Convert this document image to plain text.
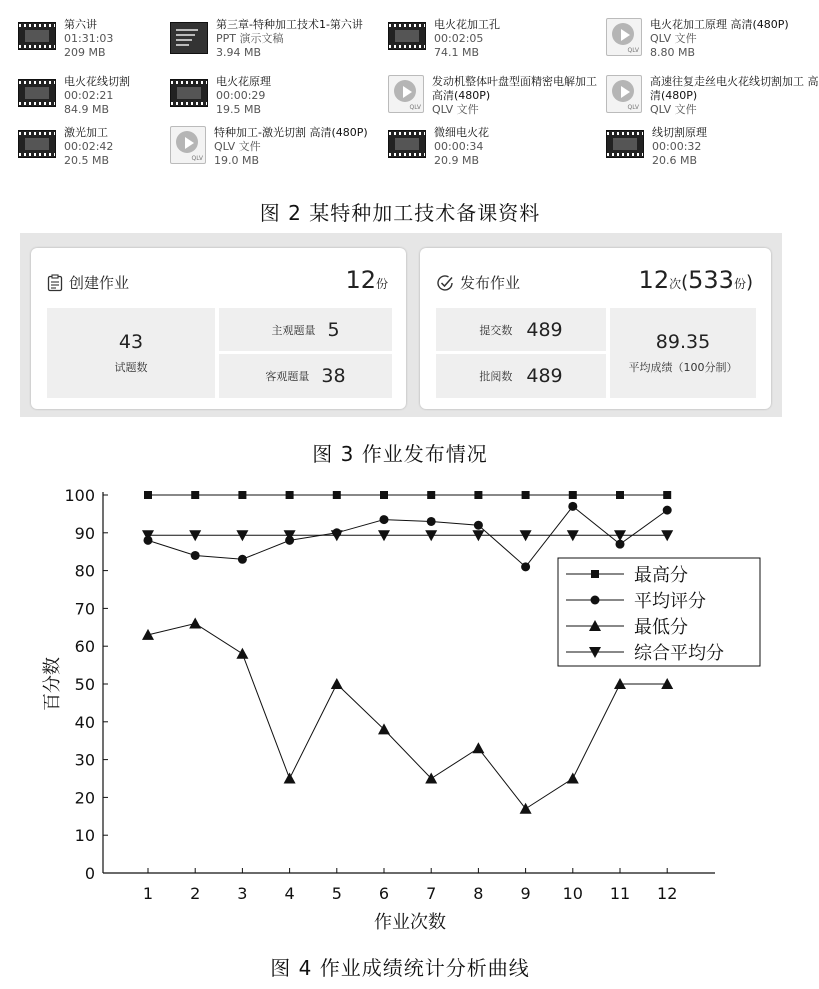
第六讲
01:31:03
209 MB
第三章-特种加工技术1-第六讲
PPT 演示文稿
3.94 MB
电火花加工孔
00:02:05
74.1 MB	QLV
电火花加工原理 高清(480P)
QLV 文件
8.80 MB
电火花线切割
00:02:21
84.9 MB
电火花原理
00:00:29
19.5 MB	QLV
发动机整体叶盘型面精密电解加工
高清(480P)
QLV 文件	QLV
高速往复走丝电火花线切割加工 高
清(480P)
QLV 文件
激光加工
00:02:42
20.5 MB	QLV
特种加工-激光切割 高清(480P)
QLV 文件
19.0 MB
微细电火花
00:00:34
20.9 MB
线切割原理
00:00:32
20.6 MB
图 2 某特种加工技术备课资料
创建作业	12份
43
试题数
主观题量 5
客观题量 38
发布作业	12次(533份)
提交数 489
批阅数 489
89.35
平均成绩（100分制）
图 3 作业发布情况
0
10
20
30
40
50
60
70
80
90
100
1 2 3 4 5 6 7 8 9 10 11 12
作业次数
百分数
最高分
平均评分
最低分
综合平均分
图 4 作业成绩统计分析曲线
